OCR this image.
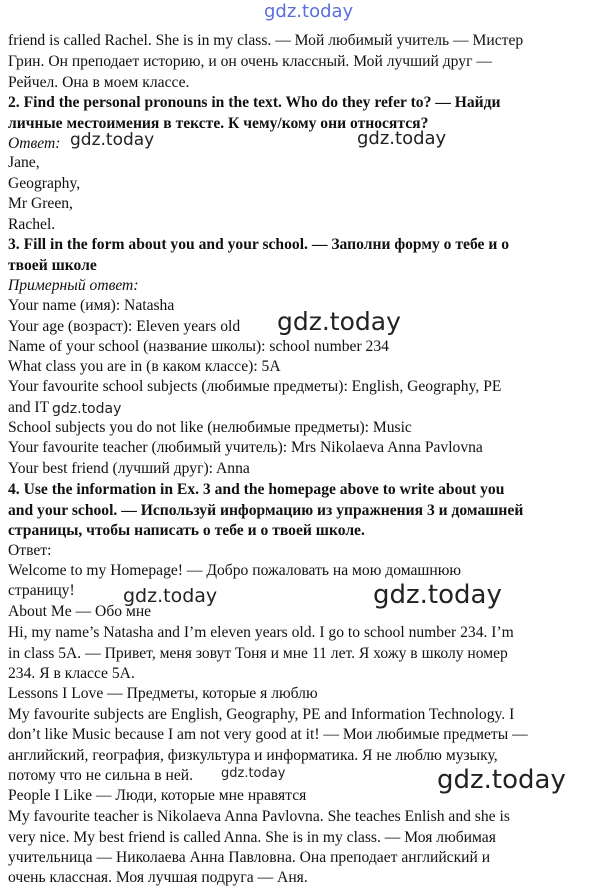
friend is called Rachel. She is in my class. — Мой любимый учитель — Мистер
Грин. Он преподает историю, и он очень классный. Мой лучший друг —
Рейчел. Она в моем классе.
2. Find the personal pronouns in the text. Who do they refer to? — Найди
личные местоимения в тексте. К чему/кому они относятся?
Ответ:
Jane,
Geography,
Mr Green,
Rachel.
3. Fill in the form about you and your school. — Заполни форму о тебе и о
твоей школе
Примерный ответ:
Your name (имя): Natasha
Your age (возраст): Eleven years old
Name of your school (название школы): school number 234
What class you are in (в каком классе): 5A
Your favourite school subjects (любимые предметы): English, Geography, PE
and IT
School subjects you do not like (нелюбимые предметы): Music
Your favourite teacher (любимый учитель): Mrs Nikolaeva Anna Pavlovna
Your best friend (лучший друг): Anna
4. Use the information in Ex. 3 and the homepage above to write about you
and your school. — Используй информацию из упражнения 3 и домашней
страницы, чтобы написать о тебе и о твоей школе.
Ответ:
Welcome to my Homepage! — Добро пожаловать на мою домашнюю
страницу!
About Me — Обо мне
Hi, my name’s Natasha and I’m eleven years old. I go to school number 234. I’m
in class 5A. — Привет, меня зовут Тоня и мне 11 лет. Я хожу в школу номер
234. Я в классе 5А.
Lessons I Love — Предметы, которые я люблю
My favourite subjects are English, Geography, PE and Information Technology. I
don’t like Music because I am not very good at it! — Мои любимые предметы —
английский, география, физкультура и информатика. Я не люблю музыку,
потому что не сильна в ней.
People I Like — Люди, которые мне нравятся
My favourite teacher is Nikolaeva Anna Pavlovna. She teaches Enlish and she is
very nice. My best friend is called Anna. She is in my class. — Моя любимая
учительница — Николаева Анна Павловна. Она преподает английский и
очень классная. Моя лучшая подруга — Аня.
gdz.today
gdz.today	gdz.today
gdz.today
gdz.today
gdz.today	gdz.today
gdz.today	gdz.today
